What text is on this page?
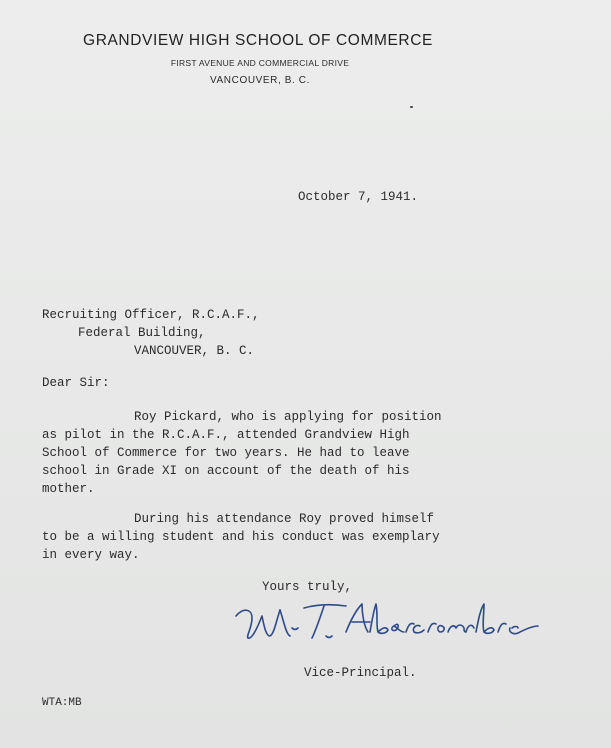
GRANDVIEW HIGH SCHOOL OF COMMERCE
FIRST AVENUE AND COMMERCIAL DRIVE
VANCOUVER, B. C.
October 7, 1941.
Recruiting Officer, R.C.A.F.,
Federal Building,
VANCOUVER, B. C.
Dear Sir:
Roy Pickard, who is applying for position
as pilot in the R.C.A.F., attended Grandview High
School of Commerce for two years. He had to leave
school in Grade XI on account of the death of his
mother.
During his attendance Roy proved himself
to be a willing student and his conduct was exemplary
in every way.
Yours truly,
Vice-Principal.
WTA:MB
